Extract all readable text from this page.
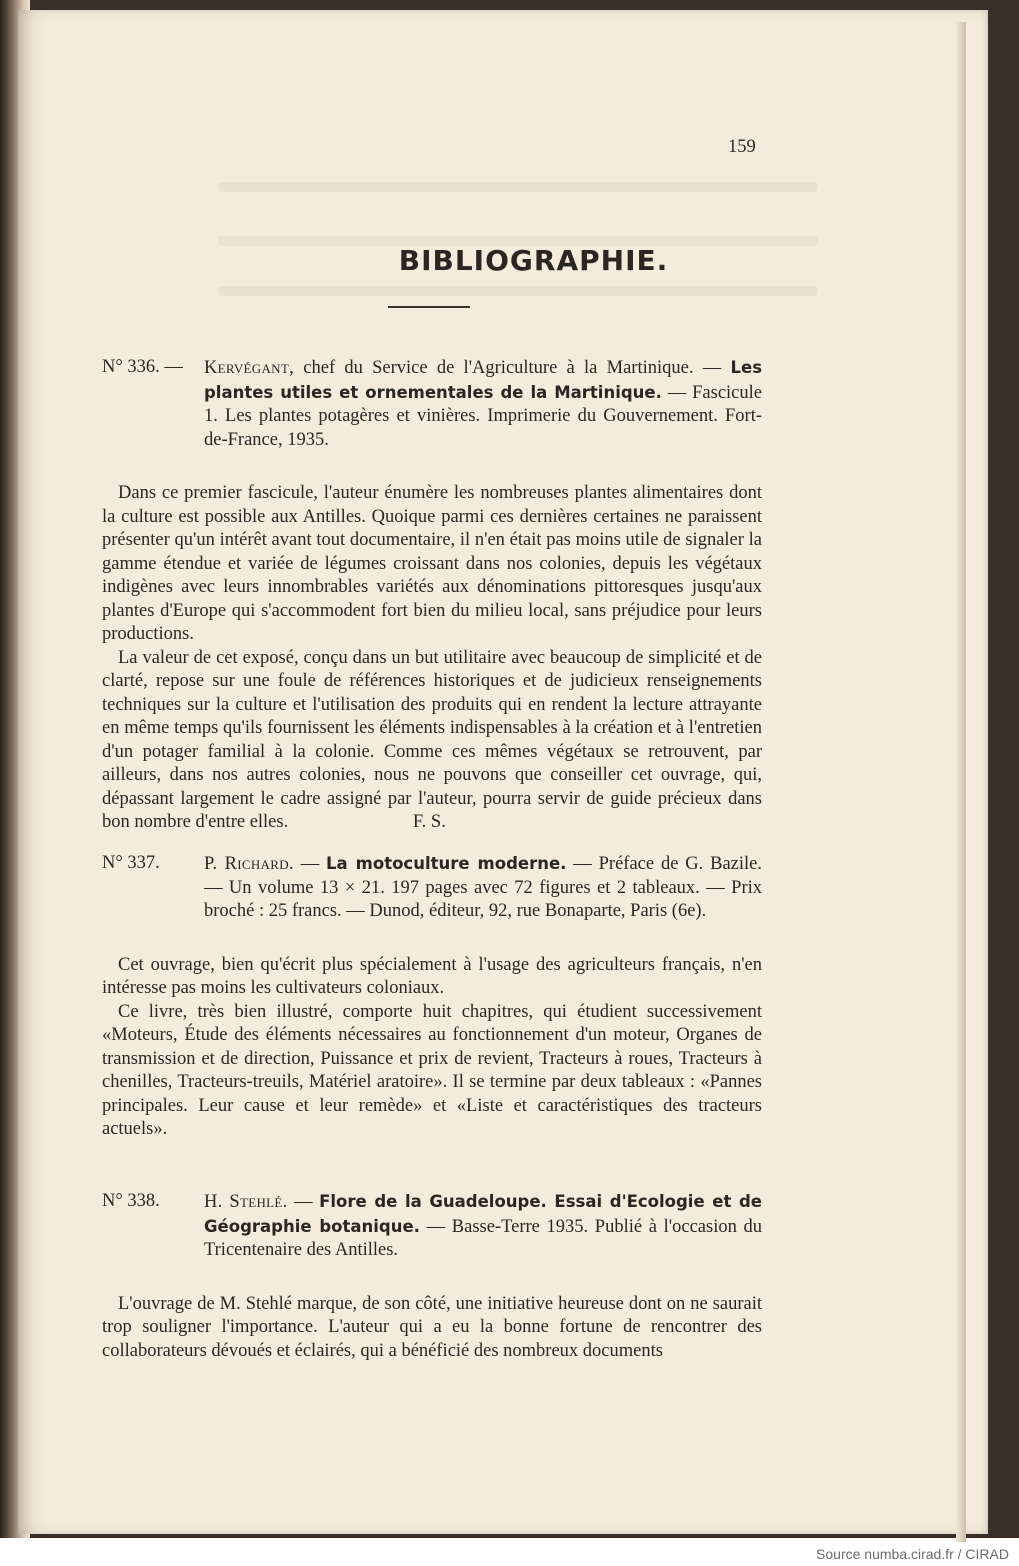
159
BIBLIOGRAPHIE.
N° 336. — Kervégant, chef du Service de l'Agriculture à la Martinique. — Les plantes utiles et ornementales de la Martinique. — Fascicule 1. Les plantes potagères et vinières. Imprimerie du Gouvernement. Fort-de-France, 1935.

Dans ce premier fascicule, l'auteur énumère les nombreuses plantes alimentaires dont la culture est possible aux Antilles. Quoique parmi ces dernières certaines ne paraissent présenter qu'un intérêt avant tout documentaire, il n'en était pas moins utile de signaler la gamme étendue et variée de légumes croissant dans nos colonies, depuis les végétaux indigènes avec leurs innombrables variétés aux dénominations pittoresques jusqu'aux plantes d'Europe qui s'accommodent fort bien du milieu local, sans préjudice pour leurs productions.

La valeur de cet exposé, conçu dans un but utilitaire avec beaucoup de simplicité et de clarté, repose sur une foule de références historiques et de judicieux renseignements techniques sur la culture et l'utilisation des produits qui en rendent la lecture attrayante en même temps qu'ils fournissent les éléments indispensables à la création et à l'entretien d'un potager familial à la colonie. Comme ces mêmes végétaux se retrouvent, par ailleurs, dans nos autres colonies, nous ne pouvons que conseiller cet ouvrage, qui, dépassant largement le cadre assigné par l'auteur, pourra servir de guide précieux dans bon nombre d'entre elles.	F. S.

N° 337. P. Richard. — La motoculture moderne. — Préface de G. Bazile. — Un volume 13 × 21. 197 pages avec 72 figures et 2 tableaux. — Prix broché : 25 francs. — Dunod, éditeur, 92, rue Bonaparte, Paris (6e).

Cet ouvrage, bien qu'écrit plus spécialement à l'usage des agriculteurs français, n'en intéresse pas moins les cultivateurs coloniaux.

Ce livre, très bien illustré, comporte huit chapitres, qui étudient successivement «Moteurs, Étude des éléments nécessaires au fonctionnement d'un moteur, Organes de transmission et de direction, Puissance et prix de revient, Tracteurs à roues, Tracteurs à chenilles, Tracteurs-treuils, Matériel aratoire». Il se termine par deux tableaux : «Pannes principales. Leur cause et leur remède» et «Liste et caractéristiques des tracteurs actuels».

N° 338. H. Stehlé. — Flore de la Guadeloupe. Essai d'Ecologie et de Géographie botanique. — Basse-Terre 1935. Publié à l'occasion du Tricentenaire des Antilles.

L'ouvrage de M. Stehlé marque, de son côté, une initiative heureuse dont on ne saurait trop souligner l'importance. L'auteur qui a eu la bonne fortune de rencontrer des collaborateurs dévoués et éclairés, qui a bénéficié des nombreux documents

Source numba.cirad.fr / CIRAD
